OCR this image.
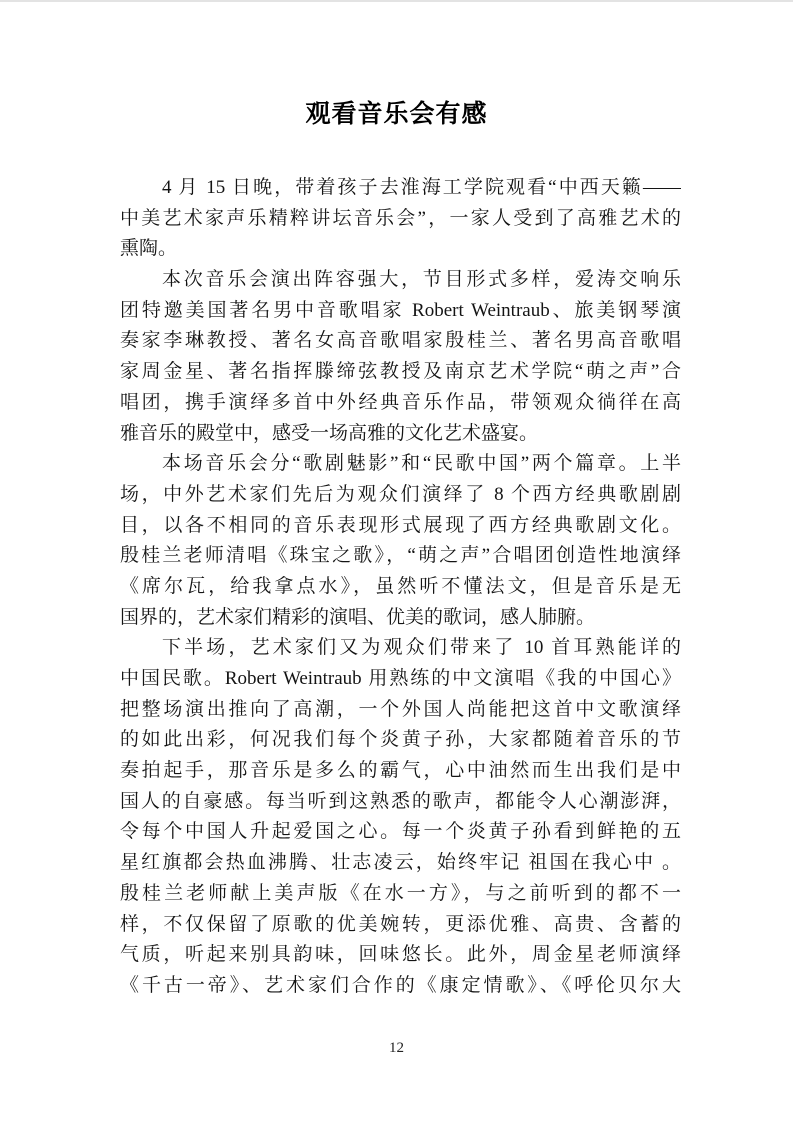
观看音乐会有感
4 月 15 日晚，带着孩子去淮海工学院观看“中西天籁——
中美艺术家声乐精粹讲坛音乐会”，一家人受到了高雅艺术的
熏陶。
本次音乐会演出阵容强大，节目形式多样，爱涛交响乐
团特邀美国著名男中音歌唱家 Robert Weintraub、旅美钢琴演
奏家李琳教授、著名女高音歌唱家殷桂兰、著名男高音歌唱
家周金星、著名指挥滕缔弦教授及南京艺术学院“萌之声”合
唱团，携手演绎多首中外经典音乐作品，带领观众徜徉在高
雅音乐的殿堂中，感受一场高雅的文化艺术盛宴。
本场音乐会分“歌剧魅影”和“民歌中国”两个篇章。上半
场，中外艺术家们先后为观众们演绎了 8 个西方经典歌剧剧
目，以各不相同的音乐表现形式展现了西方经典歌剧文化。
殷桂兰老师清唱《珠宝之歌》，“萌之声”合唱团创造性地演绎
《席尔瓦，给我拿点水》，虽然听不懂法文，但是音乐是无
国界的，艺术家们精彩的演唱、优美的歌词，感人肺腑。
下半场，艺术家们又为观众们带来了 10 首耳熟能详的
中国民歌。Robert Weintraub 用熟练的中文演唱《我的中国心》
把整场演出推向了高潮，一个外国人尚能把这首中文歌演绎
的如此出彩，何况我们每个炎黄子孙，大家都随着音乐的节
奏拍起手，那音乐是多么的霸气，心中油然而生出我们是中
国人的自豪感。每当听到这熟悉的歌声，都能令人心潮澎湃，
令每个中国人升起爱国之心。每一个炎黄子孙看到鲜艳的五
星红旗都会热血沸腾、壮志凌云，始终牢记 祖国在我心中 。
殷桂兰老师献上美声版《在水一方》，与之前听到的都不一
样，不仅保留了原歌的优美婉转，更添优雅、高贵、含蓄的
气质，听起来别具韵味，回味悠长。此外，周金星老师演绎
《千古一帝》、艺术家们合作的《康定情歌》、《呼伦贝尔大
12
